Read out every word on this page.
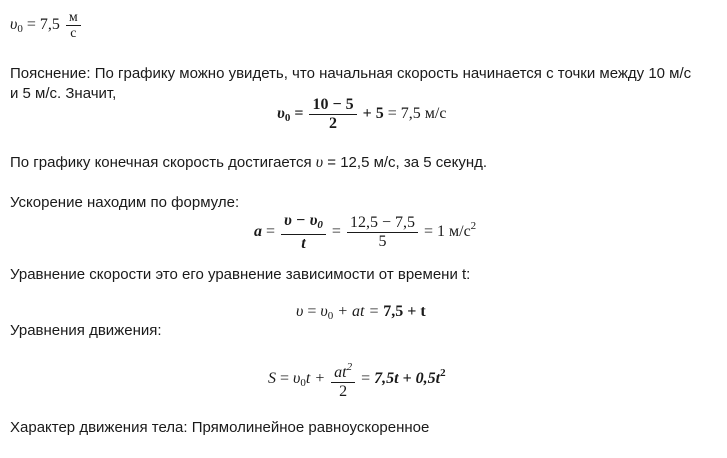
$\upsilon_0 = 7,5 \frac{м}{с}$
Пояснение: По графику можно увидеть, что начальная скорость начинается с точки между 10 м/с
и 5 м/с. Значит,
$\upsilon_0 = \frac{10 - 5}{2} + 5 = 7,5$ м/с
По графику конечная скорость достигается υ = 12,5 м/с, за 5 секунд.
Ускорение находим по формуле:
$a = \frac{\upsilon - \upsilon_0}{t} = \frac{12,5 - 7,5}{5} = 1$ $м/с^2$
Уравнение скорости это его уравнение зависимости от времени t:
$\upsilon = \upsilon_0$ + at = 7,5 + t
Уравнения движения:
$S = \upsilon_0t + \frac{at^2}{2} = 7,5t + 0,5t^2$
Характер движения тела: Прямолинейное равноускоренное
